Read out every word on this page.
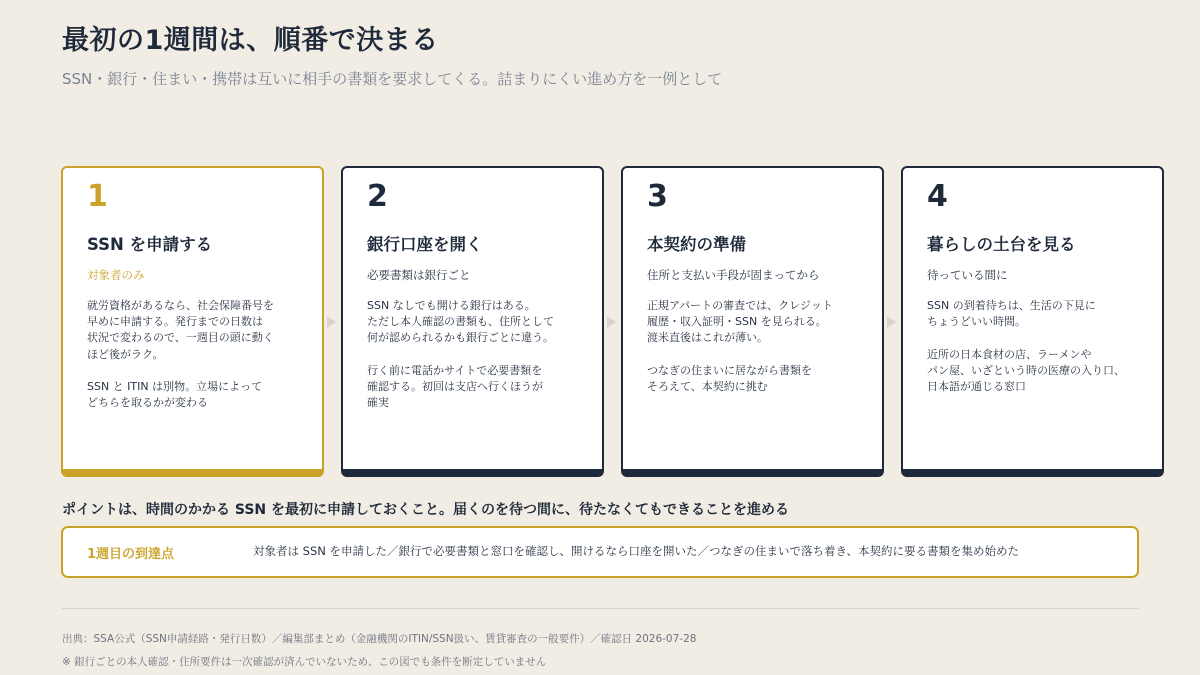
最初の1週間は、順番で決まる
SSN・銀行・住まい・携帯は互いに相手の書類を要求してくる。詰まりにくい進め方を一例として
1
SSN を申請する
対象者のみ
就労資格があるなら、社会保障番号を
早めに申請する。発行までの日数は
状況で変わるので、一週目の頭に動く
ほど後がラク。

SSN と ITIN は別物。立場によって
どちらを取るかが変わる
2
銀行口座を開く
必要書類は銀行ごと
SSN なしでも開ける銀行はある。
ただし本人確認の書類も、住所として
何が認められるかも銀行ごとに違う。

行く前に電話かサイトで必要書類を
確認する。初回は支店へ行くほうが
確実
3
本契約の準備
住所と支払い手段が固まってから
正規アパートの審査では、クレジット
履歴・収入証明・SSN を見られる。
渡米直後はこれが薄い。

つなぎの住まいに居ながら書類を
そろえて、本契約に挑む
4
暮らしの土台を見る
待っている間に
SSN の到着待ちは、生活の下見に
ちょうどいい時間。

近所の日本食材の店、ラーメンや
パン屋、いざという時の医療の入り口、
日本語が通じる窓口
ポイントは、時間のかかる SSN を最初に申請しておくこと。届くのを待つ間に、待たなくてもできることを進める
1週目の到達点	対象者は SSN を申請した／銀行で必要書類と窓口を確認し、開けるなら口座を開いた／つなぎの住まいで落ち着き、本契約に要る書類を集め始めた
出典：SSA公式（SSN申請経路・発行日数）／編集部まとめ（金融機関のITIN/SSN扱い、賃貸審査の一般要件）／確認日 2026-07-28
※ 銀行ごとの本人確認・住所要件は一次確認が済んでいないため、この図でも条件を断定していません
